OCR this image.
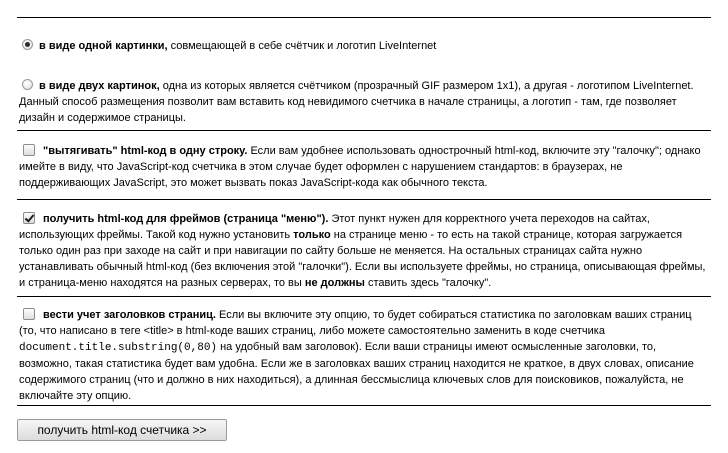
в виде одной картинки, совмещающей в себе счётчик и логотип LiveInternet

в виде двух картинок, одна из которых является счётчиком (прозрачный GIF размером 1x1), а другая - логотипом LiveInternet. Данный способ размещения позволит вам вставить код невидимого счетчика в начале страницы, а логотип - там, где позволяет дизайн и содержимое страницы.

"вытягивать" html-код в одну строку. Если вам удобнее использовать однострочный html-код, включите эту "галочку"; однако имейте в виду, что JavaScript-код счетчика в этом случае будет оформлен с нарушением стандартов: в браузерах, не поддерживающих JavaScript, это может вызвать показ JavaScript-кода как обычного текста.

получить html-код для фреймов (страница "меню"). Этот пункт нужен для корректного учета переходов на сайтах, использующих фреймы. Такой код нужно установить только на странице меню - то есть на такой странице, которая загружается только один раз при заходе на сайт и при навигации по сайту больше не меняется. На остальных страницах сайта нужно устанавливать обычный html-код (без включения этой "галочки"). Если вы используете фреймы, но страница, описывающая фреймы, и страница-меню находятся на разных серверах, то вы не должны ставить здесь "галочку".

вести учет заголовков страниц. Если вы включите эту опцию, то будет собираться статистика по заголовкам ваших страниц (то, что написано в теге <title> в html-коде ваших страниц, либо можете самостоятельно заменить в коде счетчика document.title.substring(0,80) на удобный вам заголовок). Если ваши страницы имеют осмысленные заголовки, то, возможно, такая статистика будет вам удобна. Если же в заголовках ваших страниц находится не краткое, в двух словах, описание содержимого страниц (что и должно в них находиться), а длинная бессмыслица ключевых слов для поисковиков, пожалуйста, не включайте эту опцию.

получить html-код счетчика >>
